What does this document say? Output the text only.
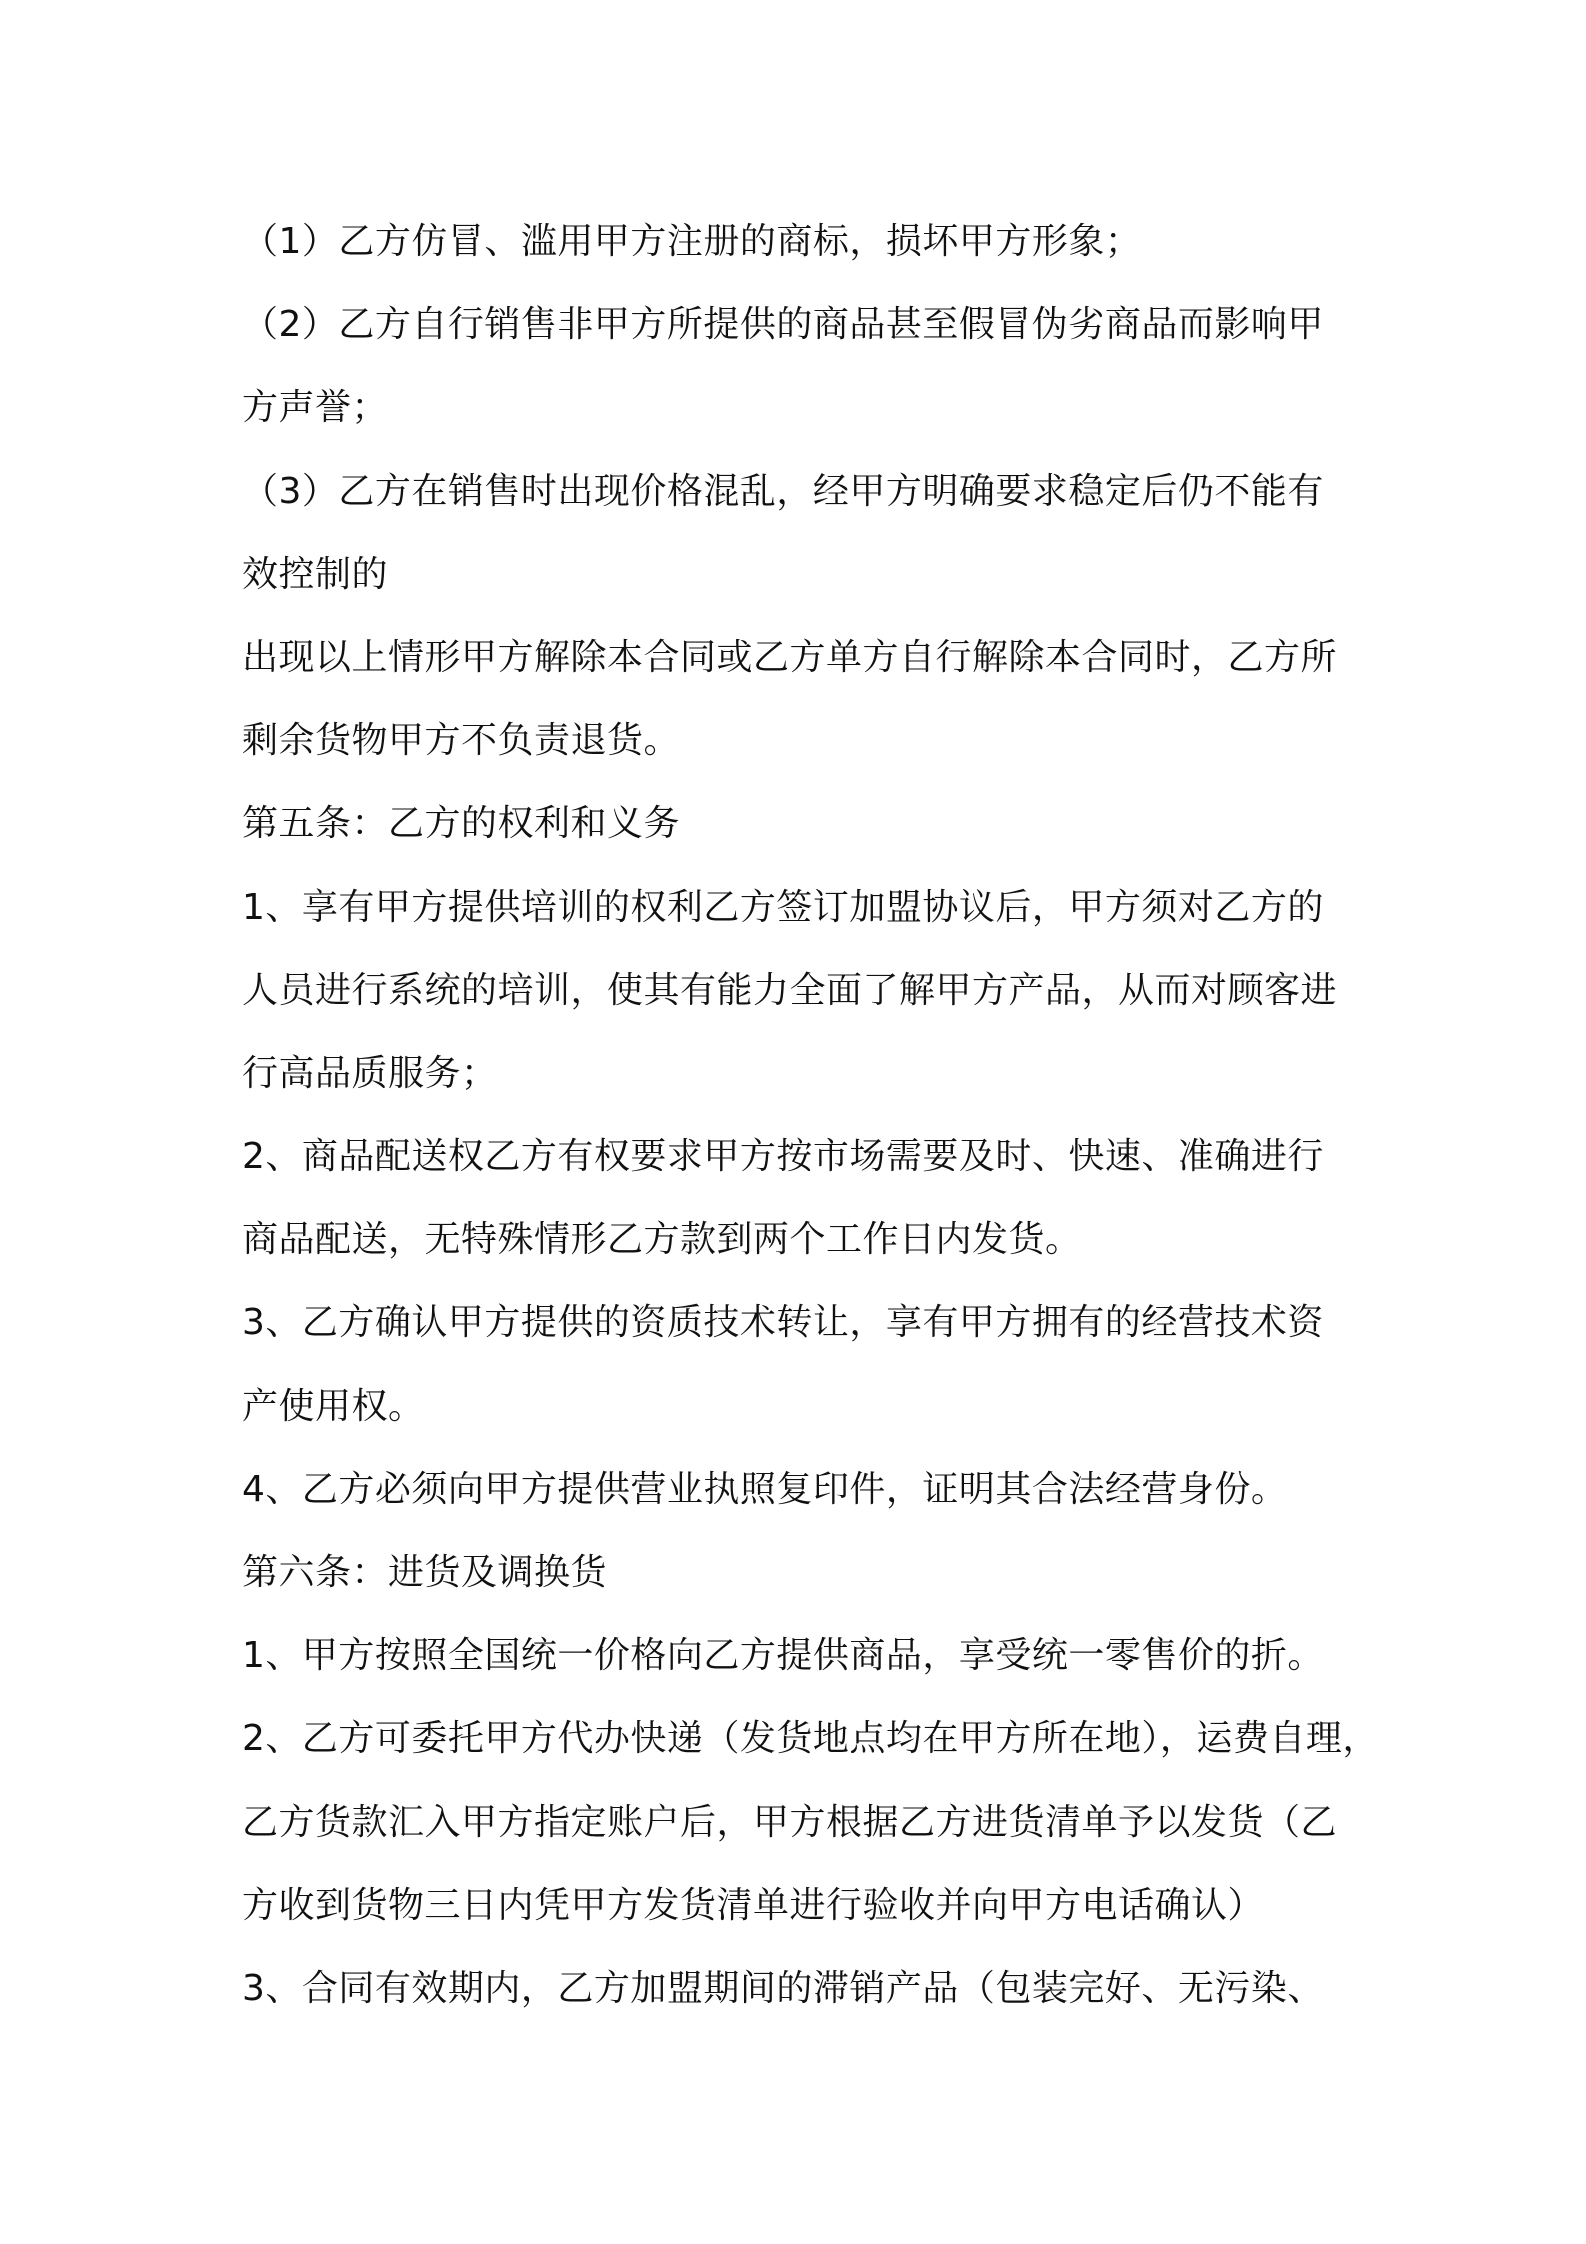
（1）乙方仿冒、滥用甲方注册的商标，损坏甲方形象；
（2）乙方自行销售非甲方所提供的商品甚至假冒伪劣商品而影响甲
方声誉；
（3）乙方在销售时出现价格混乱，经甲方明确要求稳定后仍不能有
效控制的
出现以上情形甲方解除本合同或乙方单方自行解除本合同时，乙方所
剩余货物甲方不负责退货。
第五条：乙方的权利和义务
1、享有甲方提供培训的权利乙方签订加盟协议后，甲方须对乙方的
人员进行系统的培训，使其有能力全面了解甲方产品，从而对顾客进
行高品质服务；
2、商品配送权乙方有权要求甲方按市场需要及时、快速、准确进行
商品配送，无特殊情形乙方款到两个工作日内发货。
3、乙方确认甲方提供的资质技术转让，享有甲方拥有的经营技术资
产使用权。
4、乙方必须向甲方提供营业执照复印件，证明其合法经营身份。
第六条：进货及调换货
1、甲方按照全国统一价格向乙方提供商品，享受统一零售价的折。
2、乙方可委托甲方代办快递（发货地点均在甲方所在地），运费自理，
乙方货款汇入甲方指定账户后，甲方根据乙方进货清单予以发货（乙
方收到货物三日内凭甲方发货清单进行验收并向甲方电话确认）
3、合同有效期内，乙方加盟期间的滞销产品（包装完好、无污染、
